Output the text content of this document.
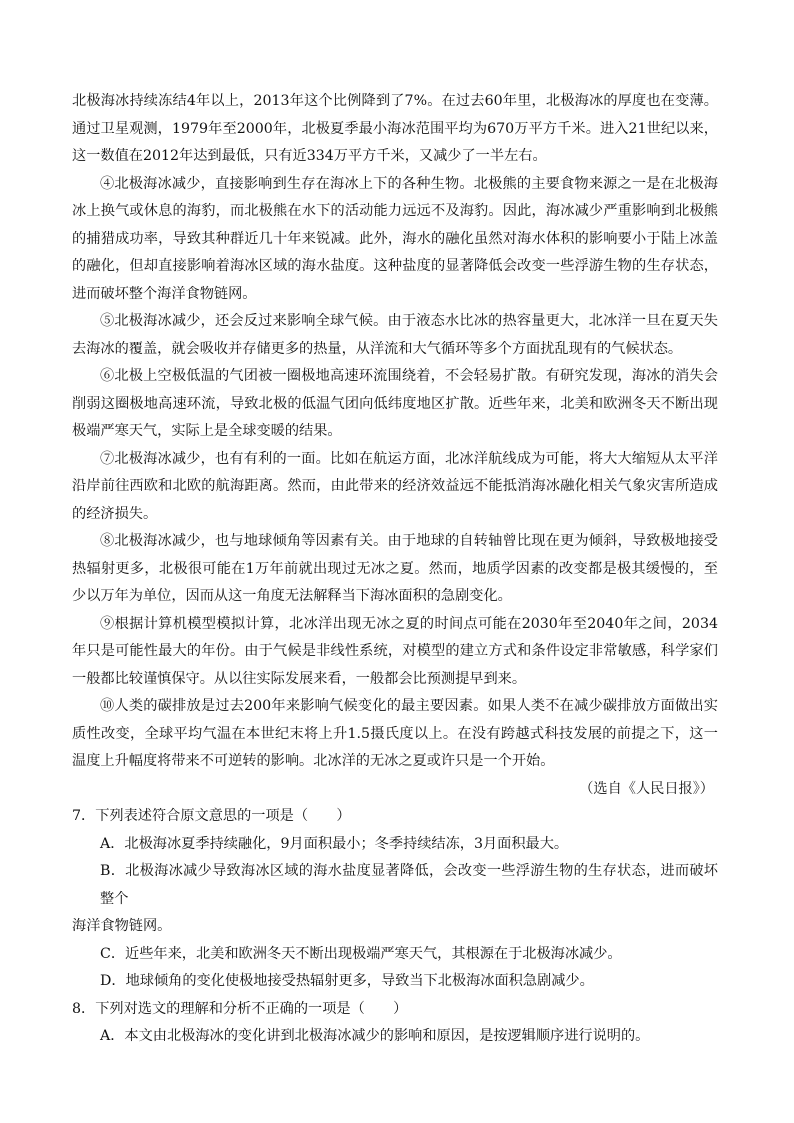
北极海冰持续冻结4年以上，2013年这个比例降到了7%。在过去60年里，北极海冰的厚度也在变薄。通过卫星观测，1979年至2000年，北极夏季最小海冰范围平均为670万平方千米。进入21世纪以来，这一数值在2012年达到最低，只有近334万平方千米，又减少了一半左右。

④北极海冰减少，直接影响到生存在海冰上下的各种生物。北极熊的主要食物来源之一是在北极海冰上换气或休息的海豹，而北极熊在水下的活动能力远远不及海豹。因此，海冰减少严重影响到北极熊的捕猎成功率，导致其种群近几十年来锐减。此外，海水的融化虽然对海水体积的影响要小于陆上冰盖的融化，但却直接影响着海冰区域的海水盐度。这种盐度的显著降低会改变一些浮游生物的生存状态，进而破坏整个海洋食物链网。

⑤北极海冰减少，还会反过来影响全球气候。由于液态水比冰的热容量更大，北冰洋一旦在夏天失去海冰的覆盖，就会吸收并存储更多的热量，从洋流和大气循环等多个方面扰乱现有的气候状态。

⑥北极上空极低温的气团被一圈极地高速环流围绕着，不会轻易扩散。有研究发现，海冰的消失会削弱这圈极地高速环流，导致北极的低温气团向低纬度地区扩散。近些年来，北美和欧洲冬天不断出现极端严寒天气，实际上是全球变暖的结果。

⑦北极海冰减少，也有有利的一面。比如在航运方面，北冰洋航线成为可能，将大大缩短从太平洋沿岸前往西欧和北欧的航海距离。然而，由此带来的经济效益远不能抵消海冰融化相关气象灾害所造成的经济损失。

⑧北极海冰减少，也与地球倾角等因素有关。由于地球的自转轴曾比现在更为倾斜，导致极地接受热辐射更多，北极很可能在1万年前就出现过无冰之夏。然而，地质学因素的改变都是极其缓慢的，至少以万年为单位，因而从这一角度无法解释当下海冰面积的急剧变化。

⑨根据计算机模型模拟计算，北冰洋出现无冰之夏的时间点可能在2030年至2040年之间，2034年只是可能性最大的年份。由于气候是非线性系统，对模型的建立方式和条件设定非常敏感，科学家们一般都比较谨慎保守。从以往实际发展来看，一般都会比预测提早到来。

⑩人类的碳排放是过去200年来影响气候变化的最主要因素。如果人类不在减少碳排放方面做出实质性改变，全球平均气温在本世纪末将上升1.5摄氏度以上。在没有跨越式科技发展的前提之下，这一温度上升幅度将带来不可逆转的影响。北冰洋的无冰之夏或许只是一个开始。

（选自《人民日报》）

7．下列表述符合原文意思的一项是（　　）

A．北极海冰夏季持续融化，9月面积最小；冬季持续结冻，3月面积最大。

B．北极海冰减少导致海冰区域的海水盐度显著降低，会改变一些浮游生物的生存状态，进而破坏整个

海洋食物链网。

C．近些年来，北美和欧洲冬天不断出现极端严寒天气，其根源在于北极海冰减少。

D．地球倾角的变化使极地接受热辐射更多，导致当下北极海冰面积急剧减少。

8．下列对选文的理解和分析不正确的一项是（　　）

A．本文由北极海冰的变化讲到北极海冰减少的影响和原因，是按逻辑顺序进行说明的。
